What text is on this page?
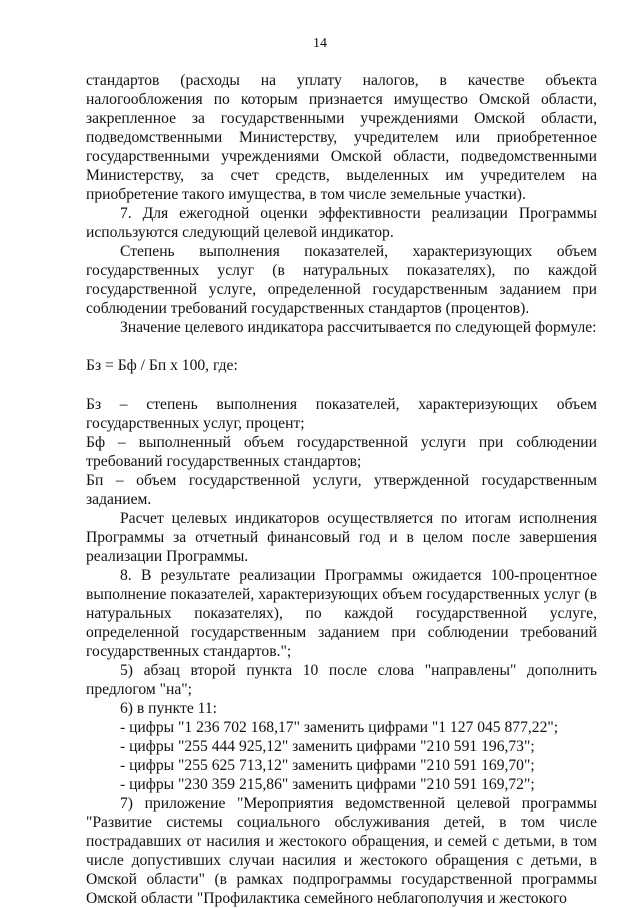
14

стандартов (расходы на уплату налогов, в качестве объекта налогообложения по которым признается имущество Омской области, закрепленное за государственными учреждениями Омской области, подведомственными Министерству, учредителем или приобретенное государственными учреждениями Омской области, подведомственными Министерству, за счет средств, выделенных им учредителем на приобретение такого имущества, в том числе земельные участки).

7. Для ежегодной оценки эффективности реализации Программы используются следующий целевой индикатор.

Степень выполнения показателей, характеризующих объем государственных услуг (в натуральных показателях), по каждой государственной услуге, определенной государственным заданием при соблюдении требований государственных стандартов (процентов).

Значение целевого индикатора рассчитывается по следующей формуле:

Бз = Бф / Бп х 100, где:

Бз – степень выполнения показателей, характеризующих объем государственных услуг, процент;

Бф – выполненный объем государственной услуги при соблюдении требований государственных стандартов;

Бп – объем государственной услуги, утвержденной государственным заданием.

Расчет целевых индикаторов осуществляется по итогам исполнения Программы за отчетный финансовый год и в целом после завершения реализации Программы.

8. В результате реализации Программы ожидается 100-процентное выполнение показателей, характеризующих объем государственных услуг (в натуральных показателях), по каждой государственной услуге, определенной государственным заданием при соблюдении требований государственных стандартов.";

5) абзац второй пункта 10 после слова "направлены" дополнить предлогом "на";

6) в пункте 11:

- цифры "1 236 702 168,17" заменить цифрами "1 127 045 877,22";

- цифры "255 444 925,12" заменить цифрами "210 591 196,73";

- цифры "255 625 713,12" заменить цифрами "210 591 169,70";

- цифры "230 359 215,86" заменить цифрами "210 591 169,72";

7) приложение "Мероприятия ведомственной целевой программы "Развитие системы социального обслуживания детей, в том числе пострадавших от насилия и жестокого обращения, и семей с детьми, в том числе допустивших случаи насилия и жестокого обращения с детьми, в Омской области" (в рамках подпрограммы государственной программы Омской области "Профилактика семейного неблагополучия и жестокого
